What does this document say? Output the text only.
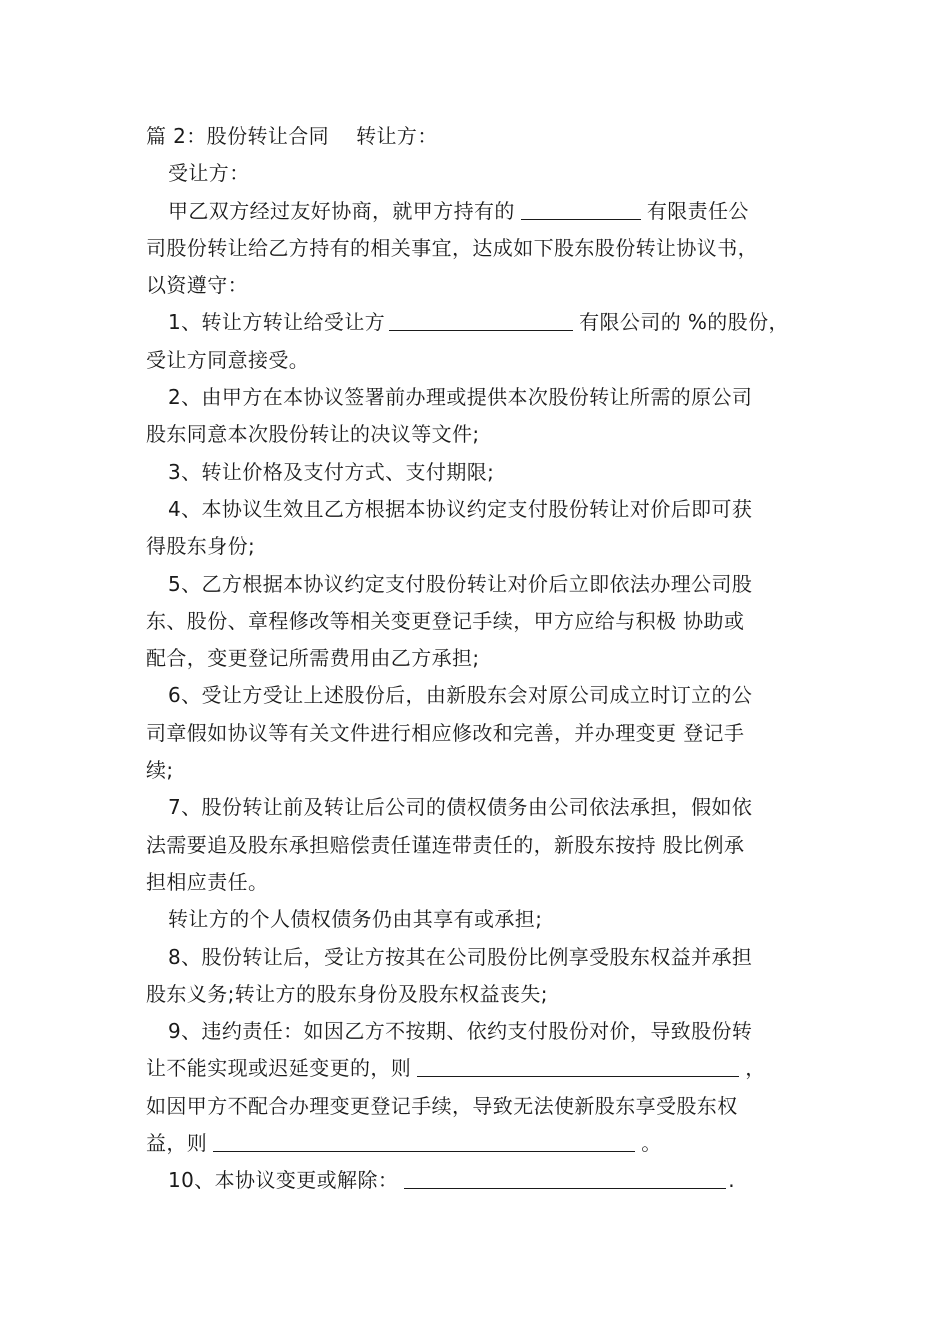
篇 2：股份转让合同 转让方：
受让方：
甲乙双方经过友好协商，就甲方持有的	有限责任公
司股份转让给乙方持有的相关事宜，达成如下股东股份转让协议书，
以资遵守：
1、转让方转让给受让方	有限公司的 %的股份，
受让方同意接受。
2、由甲方在本协议签署前办理或提供本次股份转让所需的原公司
股东同意本次股份转让的决议等文件;
3、转让价格及支付方式、支付期限;
4、本协议生效且乙方根据本协议约定支付股份转让对价后即可获
得股东身份;
5、乙方根据本协议约定支付股份转让对价后立即依法办理公司股
东、股份、章程修改等相关变更登记手续，甲方应给与积极 协助或
配合，变更登记所需费用由乙方承担;
6、受让方受让上述股份后，由新股东会对原公司成立时订立的公
司章假如协议等有关文件进行相应修改和完善，并办理变更 登记手
续;
7、股份转让前及转让后公司的债权债务由公司依法承担，假如依
法需要追及股东承担赔偿责任谨连带责任的，新股东按持 股比例承
担相应责任。
转让方的个人债权债务仍由其享有或承担;
8、股份转让后，受让方按其在公司股份比例享受股东权益并承担
股东义务;转让方的股东身份及股东权益丧失;
9、违约责任：如因乙方不按期、依约支付股份对价，导致股份转
让不能实现或迟延变更的，则	，
如因甲方不配合办理变更登记手续，导致无法使新股东享受股东权
益，则	。
10、本协议变更或解除：	.
